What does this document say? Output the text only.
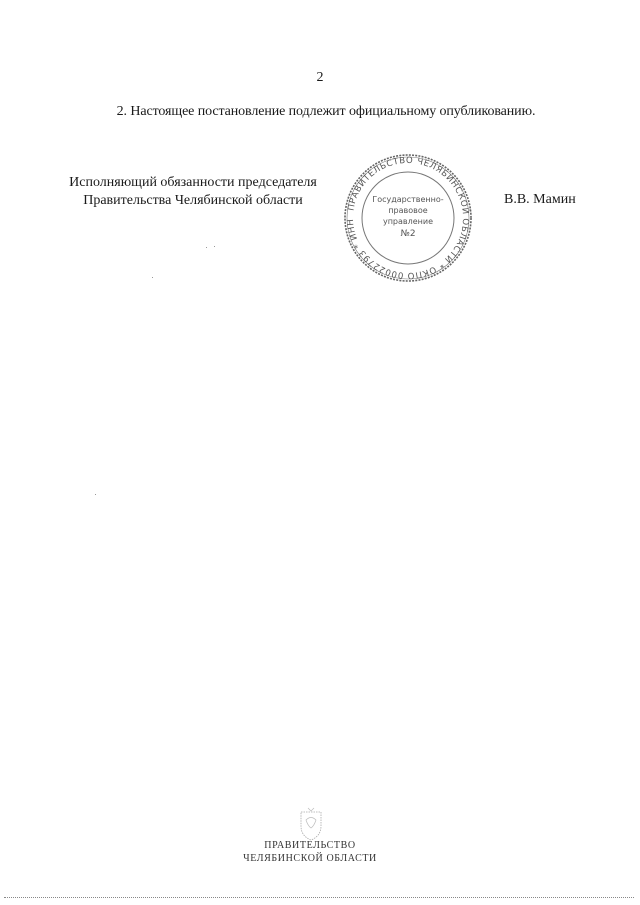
2
2. Настоящее постановление подлежит официальному опубликованию.
Исполняющий обязанности председателя
Правительства Челябинской области	В.В. Мамин
ПРАВИТЕЛЬСТВО ЧЕЛЯБИНСКОЙ ОБЛАСТИ * ОКПО 00022793 * ИНН
Государственно-
правовое
управление
№2
ПРАВИТЕЛЬСТВО
ЧЕЛЯБИНСКОЙ ОБЛАСТИ
